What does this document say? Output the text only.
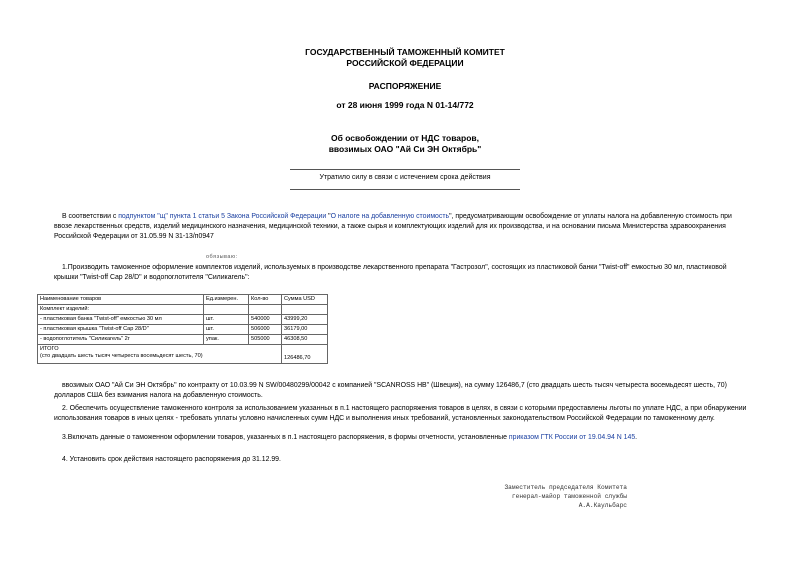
ГОСУДАРСТВЕННЫЙ ТАМОЖЕННЫЙ КОМИТЕТ
РОССИЙСКОЙ ФЕДЕРАЦИИ
РАСПОРЯЖЕНИЕ
от 28 июня 1999 года N 01-14/772
Об освобождении от НДС товаров,
ввозимых ОАО "Ай Си ЭН Октябрь"
Утратило силу в связи с истечением срока действия
В соответствии с подпунктом "щ" пункта 1 статьи 5 Закона Российской Федерации "О налоге на добавленную стоимость", предусматривающим освобождение от уплаты налога на добавленную стоимость при
ввозе лекарственных средств, изделий медицинского назначения, медицинской техники, а также сырья и комплектующих изделий для их производства, и на основании письма Министерства здравоохранения
Российской Федерации от 31.05.99 N 31-13/п0947
обязываю:
1.Производить таможенное оформление комплектов изделий, используемых в производстве лекарственного препарата "Гастрозол", состоящих из пластиковой банки "Twist-off" емкостью 30 мл, пластиковой
крышки "Twist-off Cap 28/D" и водопоглотителя "Силикагель":
Наименование товаров	Ед.измерен.	Кол-во	Сумма USD
Комплект изделий:			
- пластиковая банка "Twist-off" емкостью 30 мл	шт.	540000	43999,20
- пластиковая крышка "Twist-off Cap 28/D"	шт.	506000	36179,00
- водопоглотитель "Силикагель" 2г	упак.	505000	46308,50

ИТОГО
(сто двадцать шесть тысяч четыреста восемьдесят шесть, 70)			126486,70
ввозимых ОАО "Ай Си ЭН Октябрь" по контракту от 10.03.99 N SW/00480299/00042 с компанией "SCANROSS HB" (Швеция), на сумму 126486,7 (сто двадцать шесть тысяч четыреста восемьдесят шесть, 70)
долларов США без взимания налога на добавленную стоимость.
2. Обеспечить осуществление таможенного контроля за использованием указанных в п.1 настоящего распоряжения товаров в целях, в связи с которыми предоставлены льготы по уплате НДС, а при обнаружении
использования товаров в иных целях - требовать уплаты условно начисленных сумм НДС и выполнения иных требований, установленных законодательством Российской Федерации по таможенному делу.
3.Включать данные о таможенном оформлении товаров, указанных в п.1 настоящего распоряжения, в формы отчетности, установленные приказом ГТК России от 19.04.94 N 145.
4. Установить срок действия настоящего распоряжения до 31.12.99.
Заместитель председателя Комитета
генерал-майор таможенной службы
А.А.Каульбарс
